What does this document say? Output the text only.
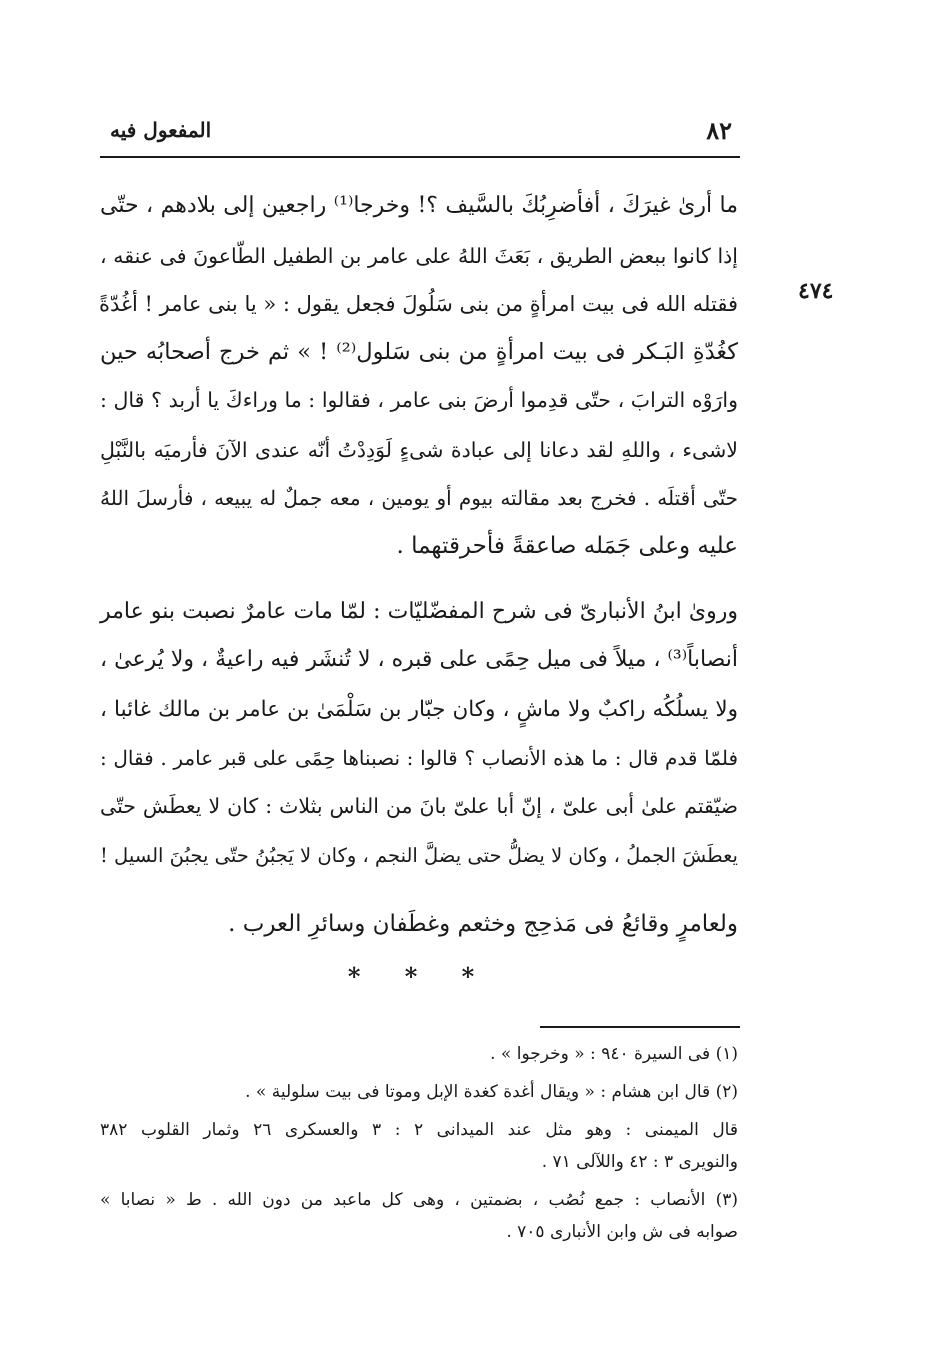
٨٢
المفعول فيه
٤٧٤
ما أرىٰ غيرَكَ ، أفأضرِبُكَ بالسَّيف ؟! وخرجا⁽¹⁾ راجعين إلى بلادهم ، حتّى
إذا كانوا ببعض الطريق ، بَعَثَ اللهُ على عامر بن الطفيل الطّاعونَ فى عنقه ،
فقتله الله فى بيت امرأةٍ من بنى سَلُولَ فجعل يقول : « يا بنى عامر ! أغُدّةً
كغُدّةِ البَـكر فى بيت امرأةٍ من بنى سَلول⁽²⁾ ! » ثم خرج أصحابُه حين
وارَوْه الترابَ ، حتّى قدِموا أرضَ بنى عامر ، فقالوا : ما وراءكَ يا أربد ؟ قال :
لاشىء ، واللهِ لقد دعانا إلى عبادة شىءٍ لَوَدِدْتُ أنّه عندى الآنَ فأرميَه بالنَّبْلِ
حتّى أقتلَه . فخرج بعد مقالته بيوم أو يومين ، معه جملٌ له يبيعه ، فأرسلَ اللهُ
عليه وعلى جَمَله صاعقةً فأحرقتهما .
وروىٰ ابنُ الأنبارىّ فى شرح المفضّليّات : لمّا مات عامرٌ نصبت بنو عامر
أنصاباً⁽³⁾ ، ميلاً فى ميل حِمًى على قبره ، لا تُنشَر فيه راعيةٌ ، ولا يُرعىٰ ،
ولا يسلُكُه راكبٌ ولا ماشٍ ، وكان جبّار بن سَلْمَىٰ بن عامر بن مالك غائبا ،
فلمّا قدم قال : ما هذه الأنصاب ؟ قالوا : نصبناها حِمًى على قبر عامر . فقال :
ضيّقتم علىٰ أبى علىّ ، إنّ أبا علىّ بانَ من الناس بثلاث : كان لا يعطَش حتّى
يعطَشَ الجملُ ، وكان لا يضلُّ حتى يضلَّ النجم ، وكان لا يَجبُنُ حتّى يجبُنَ السيل !
ولعامرٍ وقائعُ فى مَذحِج وخثعم وغطَفان وسائرِ العرب .
* * *
(١) فى السيرة ٩٤٠ : « وخرجوا » .
(٢) قال ابن هشام : « ويقال أغدة كغدة الإبل وموتا فى بيت سلولية » .
قال الميمنى : وهو مثل عند الميدانى ٢ : ٣ والعسكرى ٢٦ وثمار القلوب ٣٨٢
والنويرى ٣ : ٤٢ واللآلى ٧١ .
(٣) الأنصاب : جمع نُصُب ، بضمتين ، وهى كل ماعبد من دون الله . ط « نصابا »
صوابه فى ش وابن الأنبارى ٧٠٥ .
